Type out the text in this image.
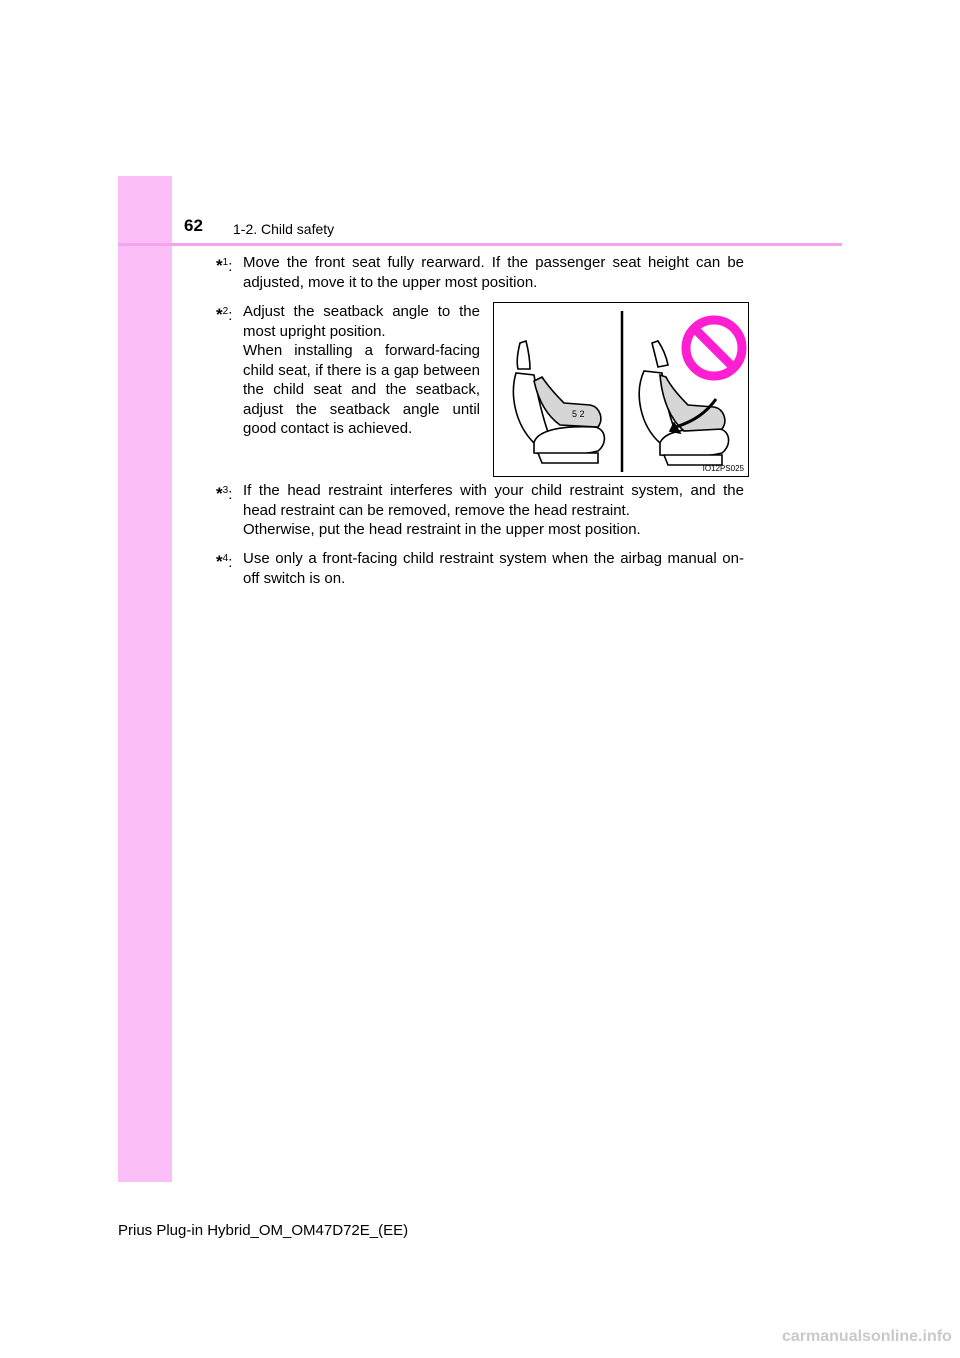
62 1-2. Child safety
*$^1$: Move the front seat fully rearward. If the passenger seat height can be adjusted, move it to the upper most position.

*$^2$: Adjust the seatback angle to the most upright position.

When installing a forward-facing child seat, if there is a gap between the child seat and the seatback, adjust the seatback angle until good contact is achieved.

5 2
IO12PS025
*$^3$: If the head restraint interferes with your child restraint system, and the head restraint can be removed, remove the head restraint.

Otherwise, put the head restraint in the upper most position.

*$^4$: Use only a front-facing child restraint system when the airbag manual on-off switch is on.

Prius Plug-in Hybrid_OM_OM47D72E_(EE)
carmanualsonline.info
